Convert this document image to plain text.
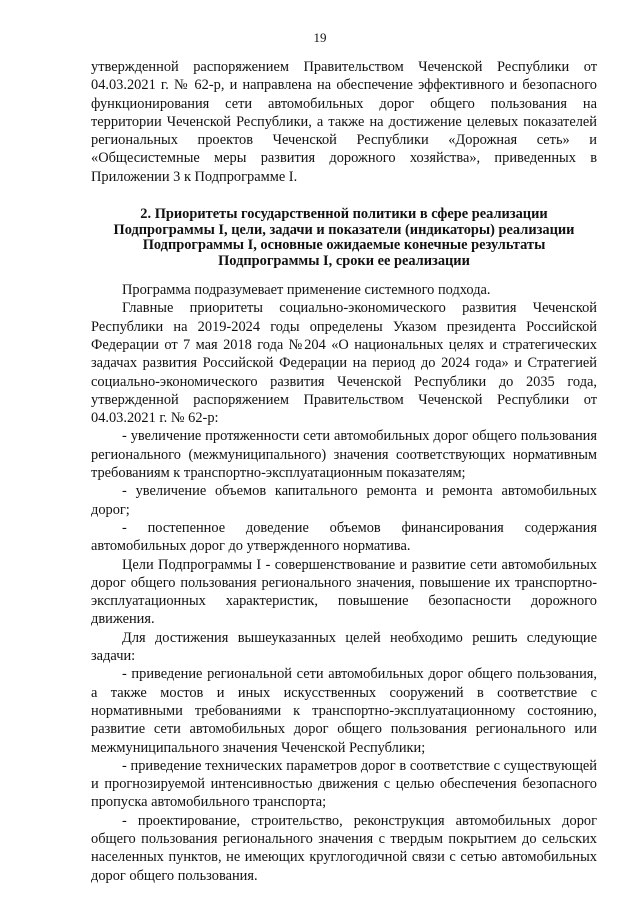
19

утвержденной распоряжением Правительством Чеченской Республики от 04.03.2021 г. № 62-р, и направлена на обеспечение эффективного и безопасного функционирования сети автомобильных дорог общего пользования на территории Чеченской Республики, а также на достижение целевых показателей региональных проектов Чеченской Республики «Дорожная сеть» и «Общесистемные меры развития дорожного хозяйства», приведенных в Приложении 3 к Подпрограмме I.

2. Приоритеты государственной политики в сфере реализации Подпрограммы I, цели, задачи и показатели (индикаторы) реализации Подпрограммы I, основные ожидаемые конечные результаты Подпрограммы I, сроки ее реализации

Программа подразумевает применение системного подхода.

Главные приоритеты социально-экономического развития Чеченской Республики на 2019-2024 годы определены Указом президента Российской Федерации от 7 мая 2018 года №204 «О национальных целях и стратегических задачах развития Российской Федерации на период до 2024 года» и Стратегией социально-экономического развития Чеченской Республики до 2035 года, утвержденной распоряжением Правительством Чеченской Республики от 04.03.2021 г. № 62-р:

- увеличение протяженности сети автомобильных дорог общего пользования регионального (межмуниципального) значения соответствующих нормативным требованиям к транспортно-эксплуатационным показателям;

- увеличение объемов капитального ремонта и ремонта автомобильных дорог;

- постепенное доведение объемов финансирования содержания автомобильных дорог до утвержденного норматива.

Цели Подпрограммы I - совершенствование и развитие сети автомобильных дорог общего пользования регионального значения, повышение их транспортно-эксплуатационных характеристик, повышение безопасности дорожного движения.

Для достижения вышеуказанных целей необходимо решить следующие задачи:

- приведение региональной сети автомобильных дорог общего пользования, а также мостов и иных искусственных сооружений в соответствие с нормативными требованиями к транспортно-эксплуатационному состоянию, развитие сети автомобильных дорог общего пользования регионального или межмуниципального значения Чеченской Республики;

- приведение технических параметров дорог в соответствие с существующей и прогнозируемой интенсивностью движения с целью обеспечения безопасного пропуска автомобильного транспорта;

- проектирование, строительство, реконструкция автомобильных дорог общего пользования регионального значения с твердым покрытием до сельских населенных пунктов, не имеющих круглогодичной связи с сетью автомобильных дорог общего пользования.
